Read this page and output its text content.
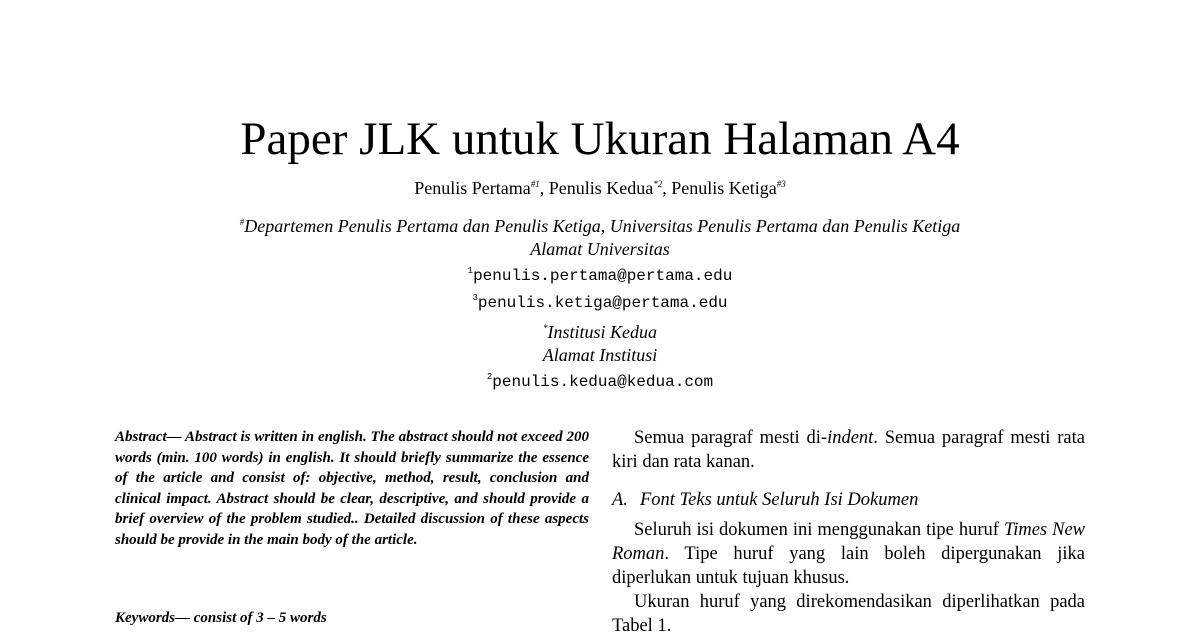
Paper JLK untuk Ukuran Halaman A4
Penulis Pertama$^{\#1}$, Penulis Kedua$^{*2}$, Penulis Ketiga$^{\#3}$
#Departemen Penulis Pertama dan Penulis Ketiga, Universitas Penulis Pertama dan Penulis Ketiga
Alamat Universitas
$^1$penulis.pertama@pertama.edu
$^3$penulis.ketiga@pertama.edu
*Institusi Kedua
Alamat Institusi
$^2$penulis.kedua@kedua.com

Abstract— Abstract is written in english. The abstract should not exceed 200 words (min. 100 words) in english. It should briefly summarize the essence of the article and consist of: objective, method, result, conclusion and clinical impact. Abstract should be clear, descriptive, and should provide a brief overview of the problem studied.. Detailed discussion of these aspects should be provide in the main body of the article.

Keywords— consist of 3 – 5 words

Semua paragraf mesti di-indent. Semua paragraf mesti rata kiri dan rata kanan.

A. Font Teks untuk Seluruh Isi Dokumen

Seluruh isi dokumen ini menggunakan tipe huruf Times New Roman. Tipe huruf yang lain boleh dipergunakan jika diperlukan untuk tujuan khusus.

Ukuran huruf yang direkomendasikan diperlihatkan pada Tabel 1.
